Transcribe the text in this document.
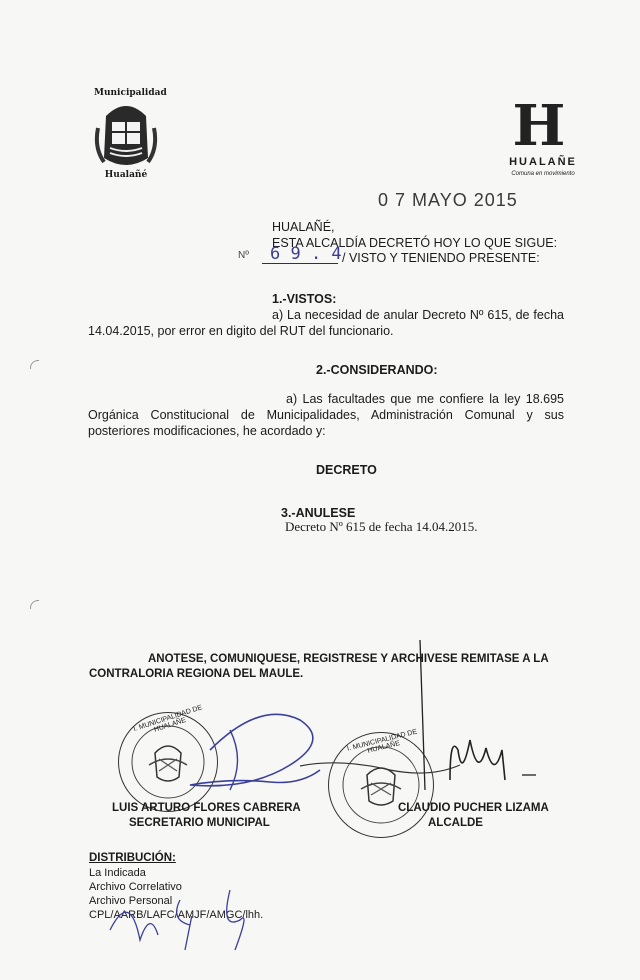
Municipalidad
Hualañé
H
HUALAÑE
Comuna en movimiento
0 7 MAYO 2015
HUALAÑÉ,
ESTA ALCALDÍA DECRETÓ HOY LO QUE SIGUE:
Nº 6 9 . 4 / VISTO Y TENIENDO PRESENTE:
1.-VISTOS:
a) La necesidad de anular Decreto Nº 615, de fecha 14.04.2015, por error en digito del RUT del funcionario.
2.-CONSIDERANDO:
a) Las facultades que me confiere la ley 18.695 Orgánica Constitucional de Municipalidades, Administración Comunal y sus posteriores modificaciones, he acordado y:
DECRETO
3.-ANULESE
Decreto Nº 615 de fecha 14.04.2015.
ANOTESE, COMUNIQUESE, REGISTRESE Y ARCHIVESE REMITASE A LA
CONTRALORIA REGIONA DEL MAULE.
I. MUNICIPALIDAD DE HUALAÑE
I. MUNICIPALIDAD DE HUALAÑE
LUIS ARTURO FLORES CABRERA
SECRETARIO MUNICIPAL
CLAUDIO PUCHER LIZAMA
ALCALDE
DISTRIBUCIÓN:
La Indicada
Archivo Correlativo
Archivo Personal
CPL/AARB/LAFC/AMJF/AMGC/lhh.
